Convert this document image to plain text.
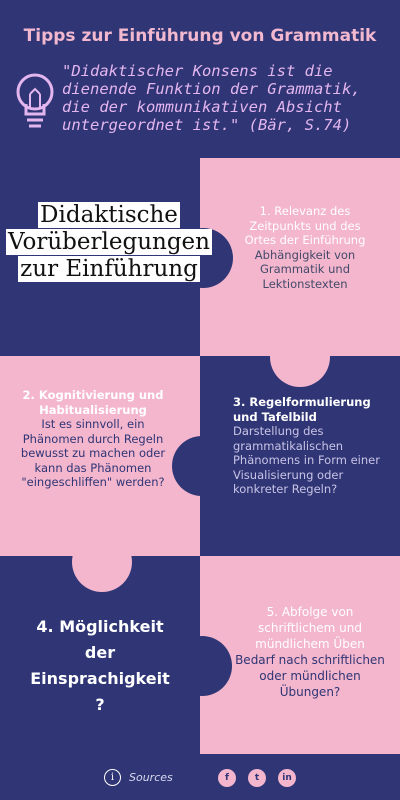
Tipps zur Einführung von Grammatik
"Didaktischer Konsens ist die dienende Funktion der Grammatik, die der kommunikativen Absicht untergeordnet ist." (Bär, S.74)
Didaktische
Vorüberlegungen
zur Einführung
1. Relevanz des Zeitpunkts und des Ortes der Einführung
Abhängigkeit von Grammatik und Lektionstexten
2. Kognitivierung und Habitualisierung
Ist es sinnvoll, ein Phänomen durch Regeln bewusst zu machen oder kann das Phänomen "eingeschliffen" werden?
3. Regelformulierung und Tafelbild
Darstellung des grammatikalischen Phänomens in Form einer Visualisierung oder konkreter Regeln?
4. Möglichkeit der Einsprachigkeit ?
5. Abfolge von schriftlichem und mündlichem Üben
Bedarf nach schriftlichen oder mündlichen Übungen?
i	Sources	f	t	in
